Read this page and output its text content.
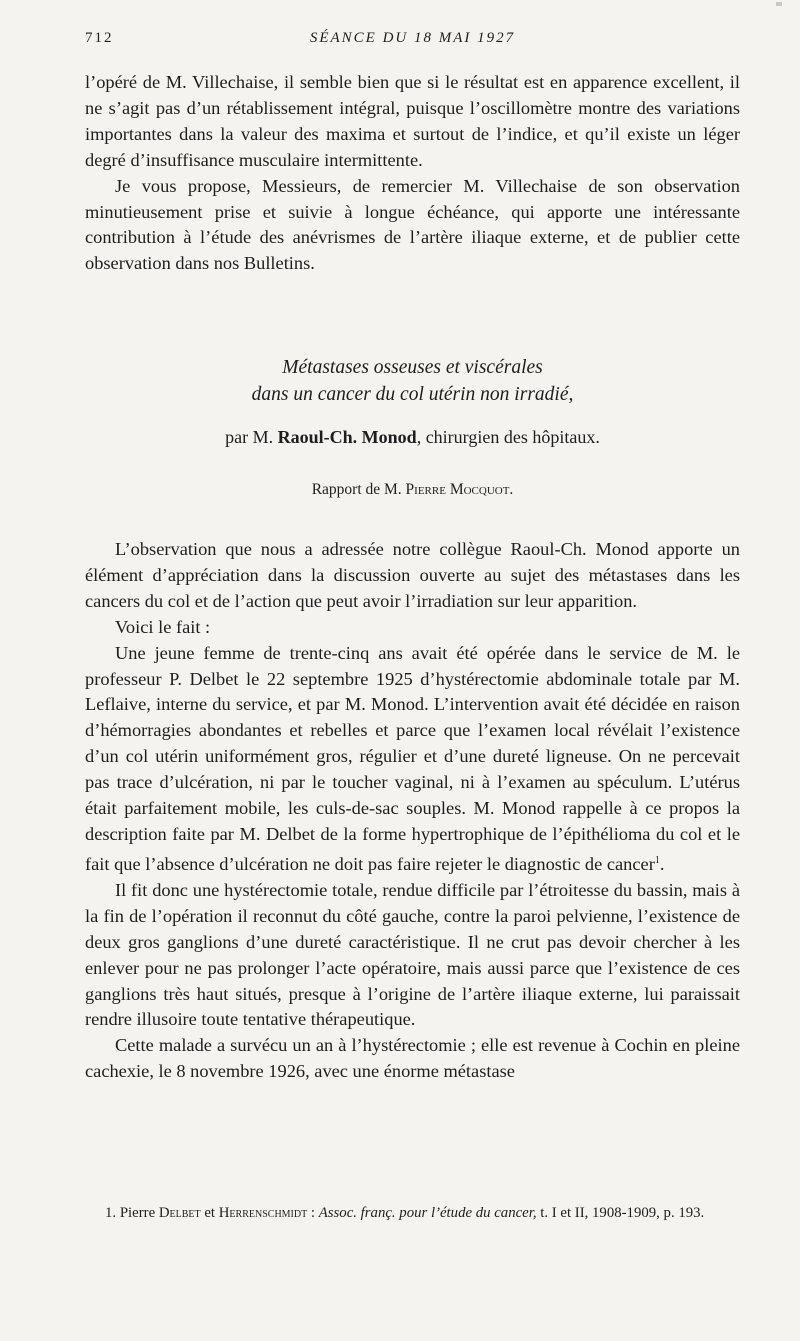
712	SÉANCE DU 18 MAI 1927

l’opéré de M. Villechaise, il semble bien que si le résultat est en apparence excellent, il ne s’agit pas d’un rétablissement intégral, puisque l’oscillomètre montre des variations importantes dans la valeur des maxima et surtout de l’indice, et qu’il existe un léger degré d’insuffisance musculaire intermittente.

Je vous propose, Messieurs, de remercier M. Villechaise de son observation minutieusement prise et suivie à longue échéance, qui apporte une intéressante contribution à l’étude des anévrismes de l’artère iliaque externe, et de publier cette observation dans nos Bulletins.

Métastases osseuses et viscérales
dans un cancer du col utérin non irradié,
par M. Raoul-Ch. Monod, chirurgien des hôpitaux.
Rapport de M. Pierre Mocquot.

L’observation que nous a adressée notre collègue Raoul-Ch. Monod apporte un élément d’appréciation dans la discussion ouverte au sujet des métastases dans les cancers du col et de l’action que peut avoir l’irradiation sur leur apparition.

Voici le fait :

Une jeune femme de trente-cinq ans avait été opérée dans le service de M. le professeur P. Delbet le 22 septembre 1925 d’hystérectomie abdominale totale par M. Leflaive, interne du service, et par M. Monod. L’intervention avait été décidée en raison d’hémorragies abondantes et rebelles et parce que l’examen local révélait l’existence d’un col utérin uniformément gros, régulier et d’une dureté ligneuse. On ne percevait pas trace d’ulcération, ni par le toucher vaginal, ni à l’examen au spéculum. L’utérus était parfaitement mobile, les culs-de-sac souples. M. Monod rappelle à ce propos la description faite par M. Delbet de la forme hypertrophique de l’épithélioma du col et le fait que l’absence d’ulcération ne doit pas faire rejeter le diagnostic de cancer$^1$.

Il fit donc une hystérectomie totale, rendue difficile par l’étroitesse du bassin, mais à la fin de l’opération il reconnut du côté gauche, contre la paroi pelvienne, l’existence de deux gros ganglions d’une dureté caractéristique. Il ne crut pas devoir chercher à les enlever pour ne pas prolonger l’acte opératoire, mais aussi parce que l’existence de ces ganglions très haut situés, presque à l’origine de l’artère iliaque externe, lui paraissait rendre illusoire toute tentative thérapeutique.

Cette malade a survécu un an à l’hystérectomie ; elle est revenue à Cochin en pleine cachexie, le 8 novembre 1926, avec une énorme métastase

1. Pierre Delbet et Herrenschmidt : Assoc. franç. pour l’étude du cancer, t. I et II, 1908-1909, p. 193.
